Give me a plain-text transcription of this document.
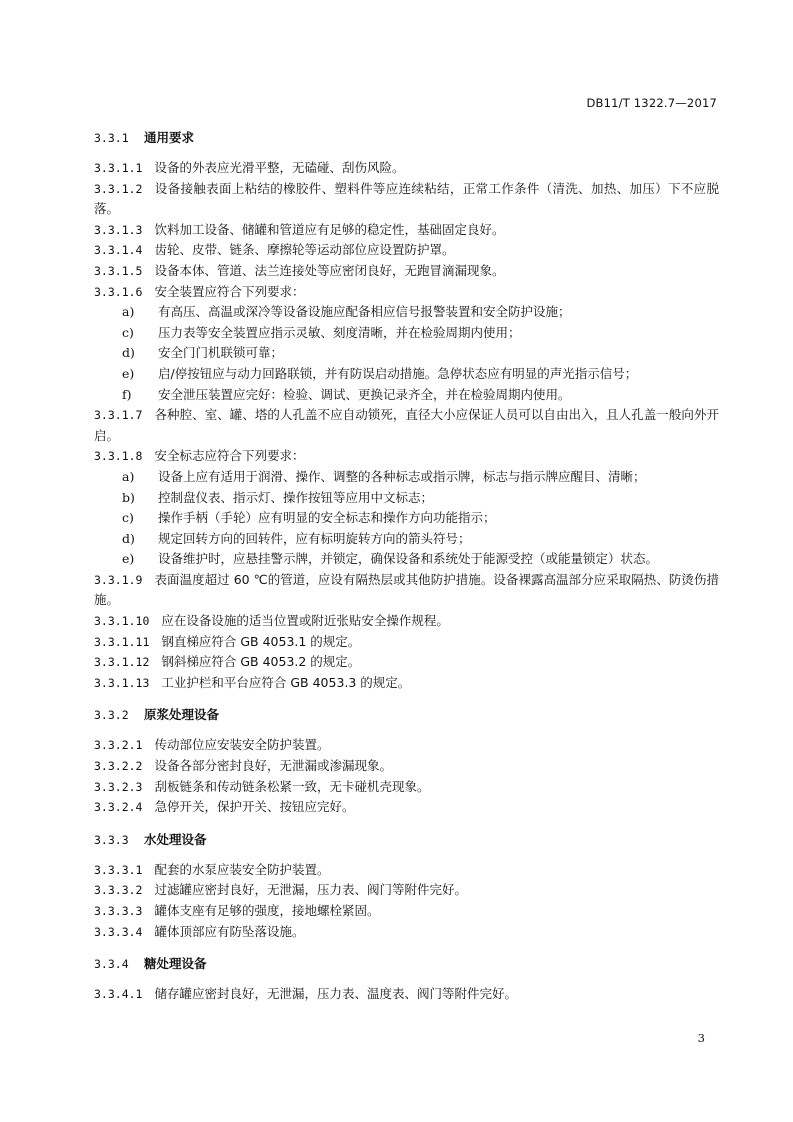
DB11/T 1322.7—2017
3.3.1 通用要求
3.3.1.1 设备的外表应光滑平整，无磕碰、刮伤风险。
3.3.1.2 设备接触表面上粘结的橡胶件、塑料件等应连续粘结，正常工作条件（清洗、加热、加压）下不应脱落。
3.3.1.3 饮料加工设备、储罐和管道应有足够的稳定性，基础固定良好。
3.3.1.4 齿轮、皮带、链条、摩擦轮等运动部位应设置防护罩。
3.3.1.5 设备本体、管道、法兰连接处等应密闭良好，无跑冒滴漏现象。
3.3.1.6 安全装置应符合下列要求：
a) 有高压、高温或深冷等设备设施应配备相应信号报警装置和安全防护设施；
c) 压力表等安全装置应指示灵敏、刻度清晰，并在检验周期内使用；
d) 安全门门机联锁可靠；
e) 启/停按钮应与动力回路联锁，并有防误启动措施。急停状态应有明显的声光指示信号；
f) 安全泄压装置应完好：检验、调试、更换记录齐全，并在检验周期内使用。
3.3.1.7 各种腔、室、罐、塔的人孔盖不应自动锁死，直径大小应保证人员可以自由出入，且人孔盖一般向外开启。
3.3.1.8 安全标志应符合下列要求：
a) 设备上应有适用于润滑、操作、调整的各种标志或指示牌，标志与指示牌应醒目、清晰；
b) 控制盘仪表、指示灯、操作按钮等应用中文标志；
c) 操作手柄（手轮）应有明显的安全标志和操作方向功能指示；
d) 规定回转方向的回转件，应有标明旋转方向的箭头符号；
e) 设备维护时，应悬挂警示牌，并锁定，确保设备和系统处于能源受控（或能量锁定）状态。
3.3.1.9 表面温度超过 60 ℃的管道，应设有隔热层或其他防护措施。设备裸露高温部分应采取隔热、防烫伤措施。
3.3.1.10 应在设备设施的适当位置或附近张贴安全操作规程。
3.3.1.11 钢直梯应符合 GB 4053.1 的规定。
3.3.1.12 钢斜梯应符合 GB 4053.2 的规定。
3.3.1.13 工业护栏和平台应符合 GB 4053.3 的规定。
3.3.2 原浆处理设备
3.3.2.1 传动部位应安装安全防护装置。
3.3.2.2 设备各部分密封良好，无泄漏或渗漏现象。
3.3.2.3 刮板链条和传动链条松紧一致，无卡碰机壳现象。
3.3.2.4 急停开关，保护开关、按钮应完好。
3.3.3 水处理设备
3.3.3.1 配套的水泵应装安全防护装置。
3.3.3.2 过滤罐应密封良好，无泄漏，压力表、阀门等附件完好。
3.3.3.3 罐体支座有足够的强度，接地螺栓紧固。
3.3.3.4 罐体顶部应有防坠落设施。
3.3.4 糖处理设备
3.3.4.1 储存罐应密封良好，无泄漏，压力表、温度表、阀门等附件完好。
3
